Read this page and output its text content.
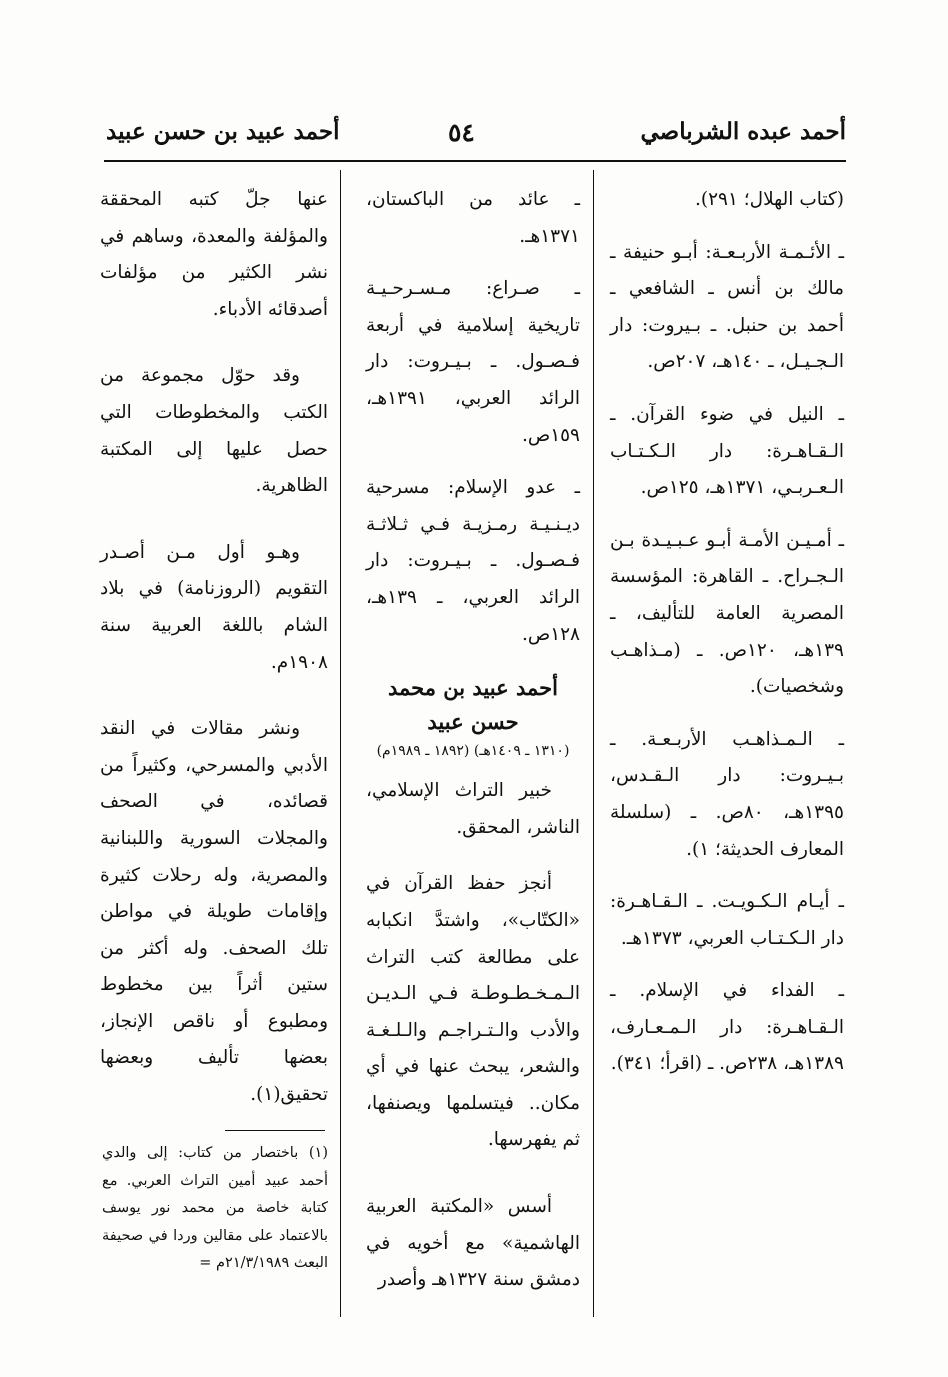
أحمد عبده الشرباصي
٥٤
أحمد عبيد بن حسن عبيد

(كتاب الهلال؛ ٢٩١).

ـ الأئـمـة الأربـعـة: أبـو حنيفة ـ مالك بن أنس ـ الشافعي ـ أحمد بن حنبل. ـ بـيروت: دار الـجـيـل، ـ ١٤٠هـ، ٢٠٧ص.

ـ النيل في ضوء القرآن. ـ الـقـاهـرة: دار الـكـتـاب الـعـربـي، ١٣٧١هـ، ١٢٥ص.

ـ أمـيـن الأمـة أبـو عـبـيـدة بـن الـجـراح. ـ القاهرة: المؤسسة المصرية العامة للتأليف، ـ ١٣٩هـ، ١٢٠ص. ـ (مـذاهـب وشخصيات).

ـ الـمـذاهـب الأربـعـة. ـ بـيـروت: دار الـقـدس، ١٣٩٥هـ، ٨٠ص. ـ (سلسلة المعارف الحديثة؛ ١).

ـ أيـام الـكـويـت. ـ الـقـاهـرة: دار الـكـتـاب العربي، ١٣٧٣هـ.

ـ الفداء في الإسلام. ـ الـقـاهـرة: دار الـمـعـارف، ١٣٨٩هـ، ٢٣٨ص. ـ (اقرأ؛ ٣٤١).

ـ عائد من الباكستان، ١٣٧١هـ.

ـ صـراع: مـسـرحـيـة تاريخية إسلامية في أربعة فـصـول. ـ بـيـروت: دار الرائد العربي، ١٣٩١هـ، ١٥٩ص.

ـ عدو الإسلام: مسرحية ديـنـيـة رمـزيـة فـي ثـلاثـة فـصـول. ـ بـيـروت: دار الرائد العربي، ـ ١٣٩هـ، ١٢٨ص.

أحمد عبيد بن محمد حسن عبيد
(١٣١٠ ـ ١٤٠٩هـ) (١٨٩٢ ـ ١٩٨٩م)

خبير التراث الإسلامي، الناشر، المحقق.

أنجز حفظ القرآن في «الكتّاب»، واشتدَّ انكبابه على مطالعة كتب التراث الـمـخـطـوطـة فـي الـديـن والأدب والـتـراجـم والـلـغـة والشعر، يبحث عنها في أي مكان.. فيتسلمها ويصنفها، ثم يفهرسها.

أسس «المكتبة العربية الهاشمية» مع أخويه في دمشق سنة ١٣٢٧هـ وأصدر

عنها جلّ كتبه المحققة والمؤلفة والمعدة، وساهم في نشر الكثير من مؤلفات أصدقائه الأدباء.

وقد حوّل مجموعة من الكتب والمخطوطات التي حصل عليها إلى المكتبة الظاهرية.

وهـو أول مـن أصـدر التقويم (الروزنامة) في بلاد الشام باللغة العربية سنة ١٩٠٨م.

ونشر مقالات في النقد الأدبي والمسرحي، وكثيراً من قصائده، في الصحف والمجلات السورية واللبنانية والمصرية، وله رحلات كثيرة وإقامات طويلة في مواطن تلك الصحف. وله أكثر من ستين أثراً بين مخطوط ومطبوع أو ناقص الإنجاز، بعضها تأليف وبعضها تحقيق(١).

(١) باختصار من كتاب: إلى والدي أحمد عبيد أمين التراث العربي. مع كتابة خاصة من محمد نور يوسف بالاعتماد على مقالين وردا في صحيفة البعث ٢١/٣/١٩٨٩م =
